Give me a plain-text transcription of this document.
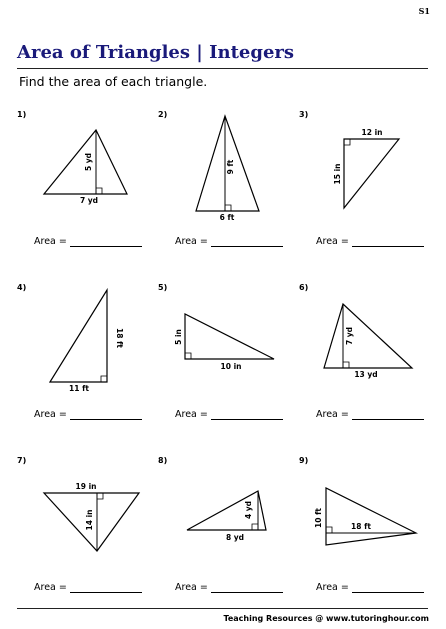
S1
Area of Triangles | Integers
Find the area of each triangle.
1)
5 yd
7 yd
Area =
2)
9 ft
6 ft
Area =
3)
12 in
15 in
Area =
4)
18 ft
11 ft
Area =
5)
5 in
10 in
Area =
6)
7 yd
13 yd
Area =
7)
19 in
14 in
Area =
8)
4 yd
8 yd
Area =
9)
10 ft	18 ft
Area =
Teaching Resources @ www.tutoringhour.com
